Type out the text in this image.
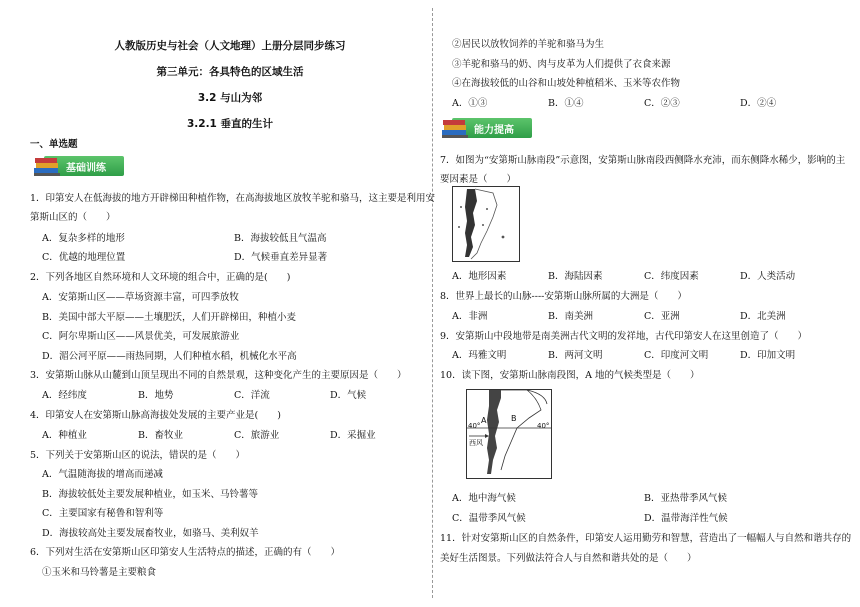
人教版历史与社会（人文地理）上册分层同步练习
第三单元：各具特色的区域生活
3.2 与山为邻
3.2.1 垂直的生计
一、单选题
基础训练
1．印第安人在低海拔的地方开辟梯田种植作物，在高海拔地区放牧羊驼和骆马，这主要是利用安
第斯山区的（　　）
A．复杂多样的地形	B．海拔较低且气温高
C．优越的地理位置	D．气候垂直差异显著
2．下列各地区自然环境和人文环境的组合中，正确的是(　　)
A．安第斯山区——草场资源丰富，可四季放牧
B．美国中部大平原——土壤肥沃，人们开辟梯田，种植小麦
C．阿尔卑斯山区——风景优美，可发展旅游业
D．湄公河平原——雨热同期，人们种植水稻，机械化水平高
3．安第斯山脉从山麓到山顶呈现出不同的自然景观，这种变化产生的主要原因是（　　）
A．经纬度	B．地势	C．洋流	D．气候
4．印第安人在安第斯山脉高海拔处发展的主要产业是(　　)
A．种植业	B．畜牧业	C．旅游业	D．采掘业
5．下列关于安第斯山区的说法，错误的是（　　）
A．气温随海拔的增高而递减
B．海拔较低处主要发展种植业，如玉米、马铃薯等
C．主要国家有秘鲁和智利等
D．海拔较高处主要发展畜牧业，如骆马、美利奴羊
6．下列对生活在安第斯山区印第安人生活特点的描述，正确的有（　　）
①玉米和马铃薯是主要粮食
②居民以放牧饲养的羊驼和骆马为生
③羊驼和骆马的奶、肉与皮革为人们提供了衣食来源
④在海拔较低的山谷和山坡处种植稻米、玉米等农作物
A．①③	B．①④	C．②③	D．②④
能力提高
7．如图为“安第斯山脉南段”示意图，安第斯山脉南段西侧降水充沛，而东侧降水稀少，影响的主
要因素是（　　）
A．地形因素	B．海陆因素	C．纬度因素	D．人类活动
8．世界上最长的山脉----安第斯山脉所属的大洲是（　　）
A．非洲	B．南美洲	C．亚洲	D．北美洲
9．安第斯山中段地带是南美洲古代文明的发祥地，古代印第安人在这里创造了（　　）
A．玛雅文明	B．两河文明	C．印度河文明	D．印加文明
10．读下图，安第斯山脉南段图，A 地的气候类型是（　　）
A	B
40°	40°
西风
A．地中海气候	B．亚热带季风气候
C．温带季风气候	D．温带海洋性气候
11．针对安第斯山区的自然条件，印第安人运用勤劳和智慧，营造出了一幅幅人与自然和谐共存的
美好生活图景。下列做法符合人与自然和谐共处的是（　　）
